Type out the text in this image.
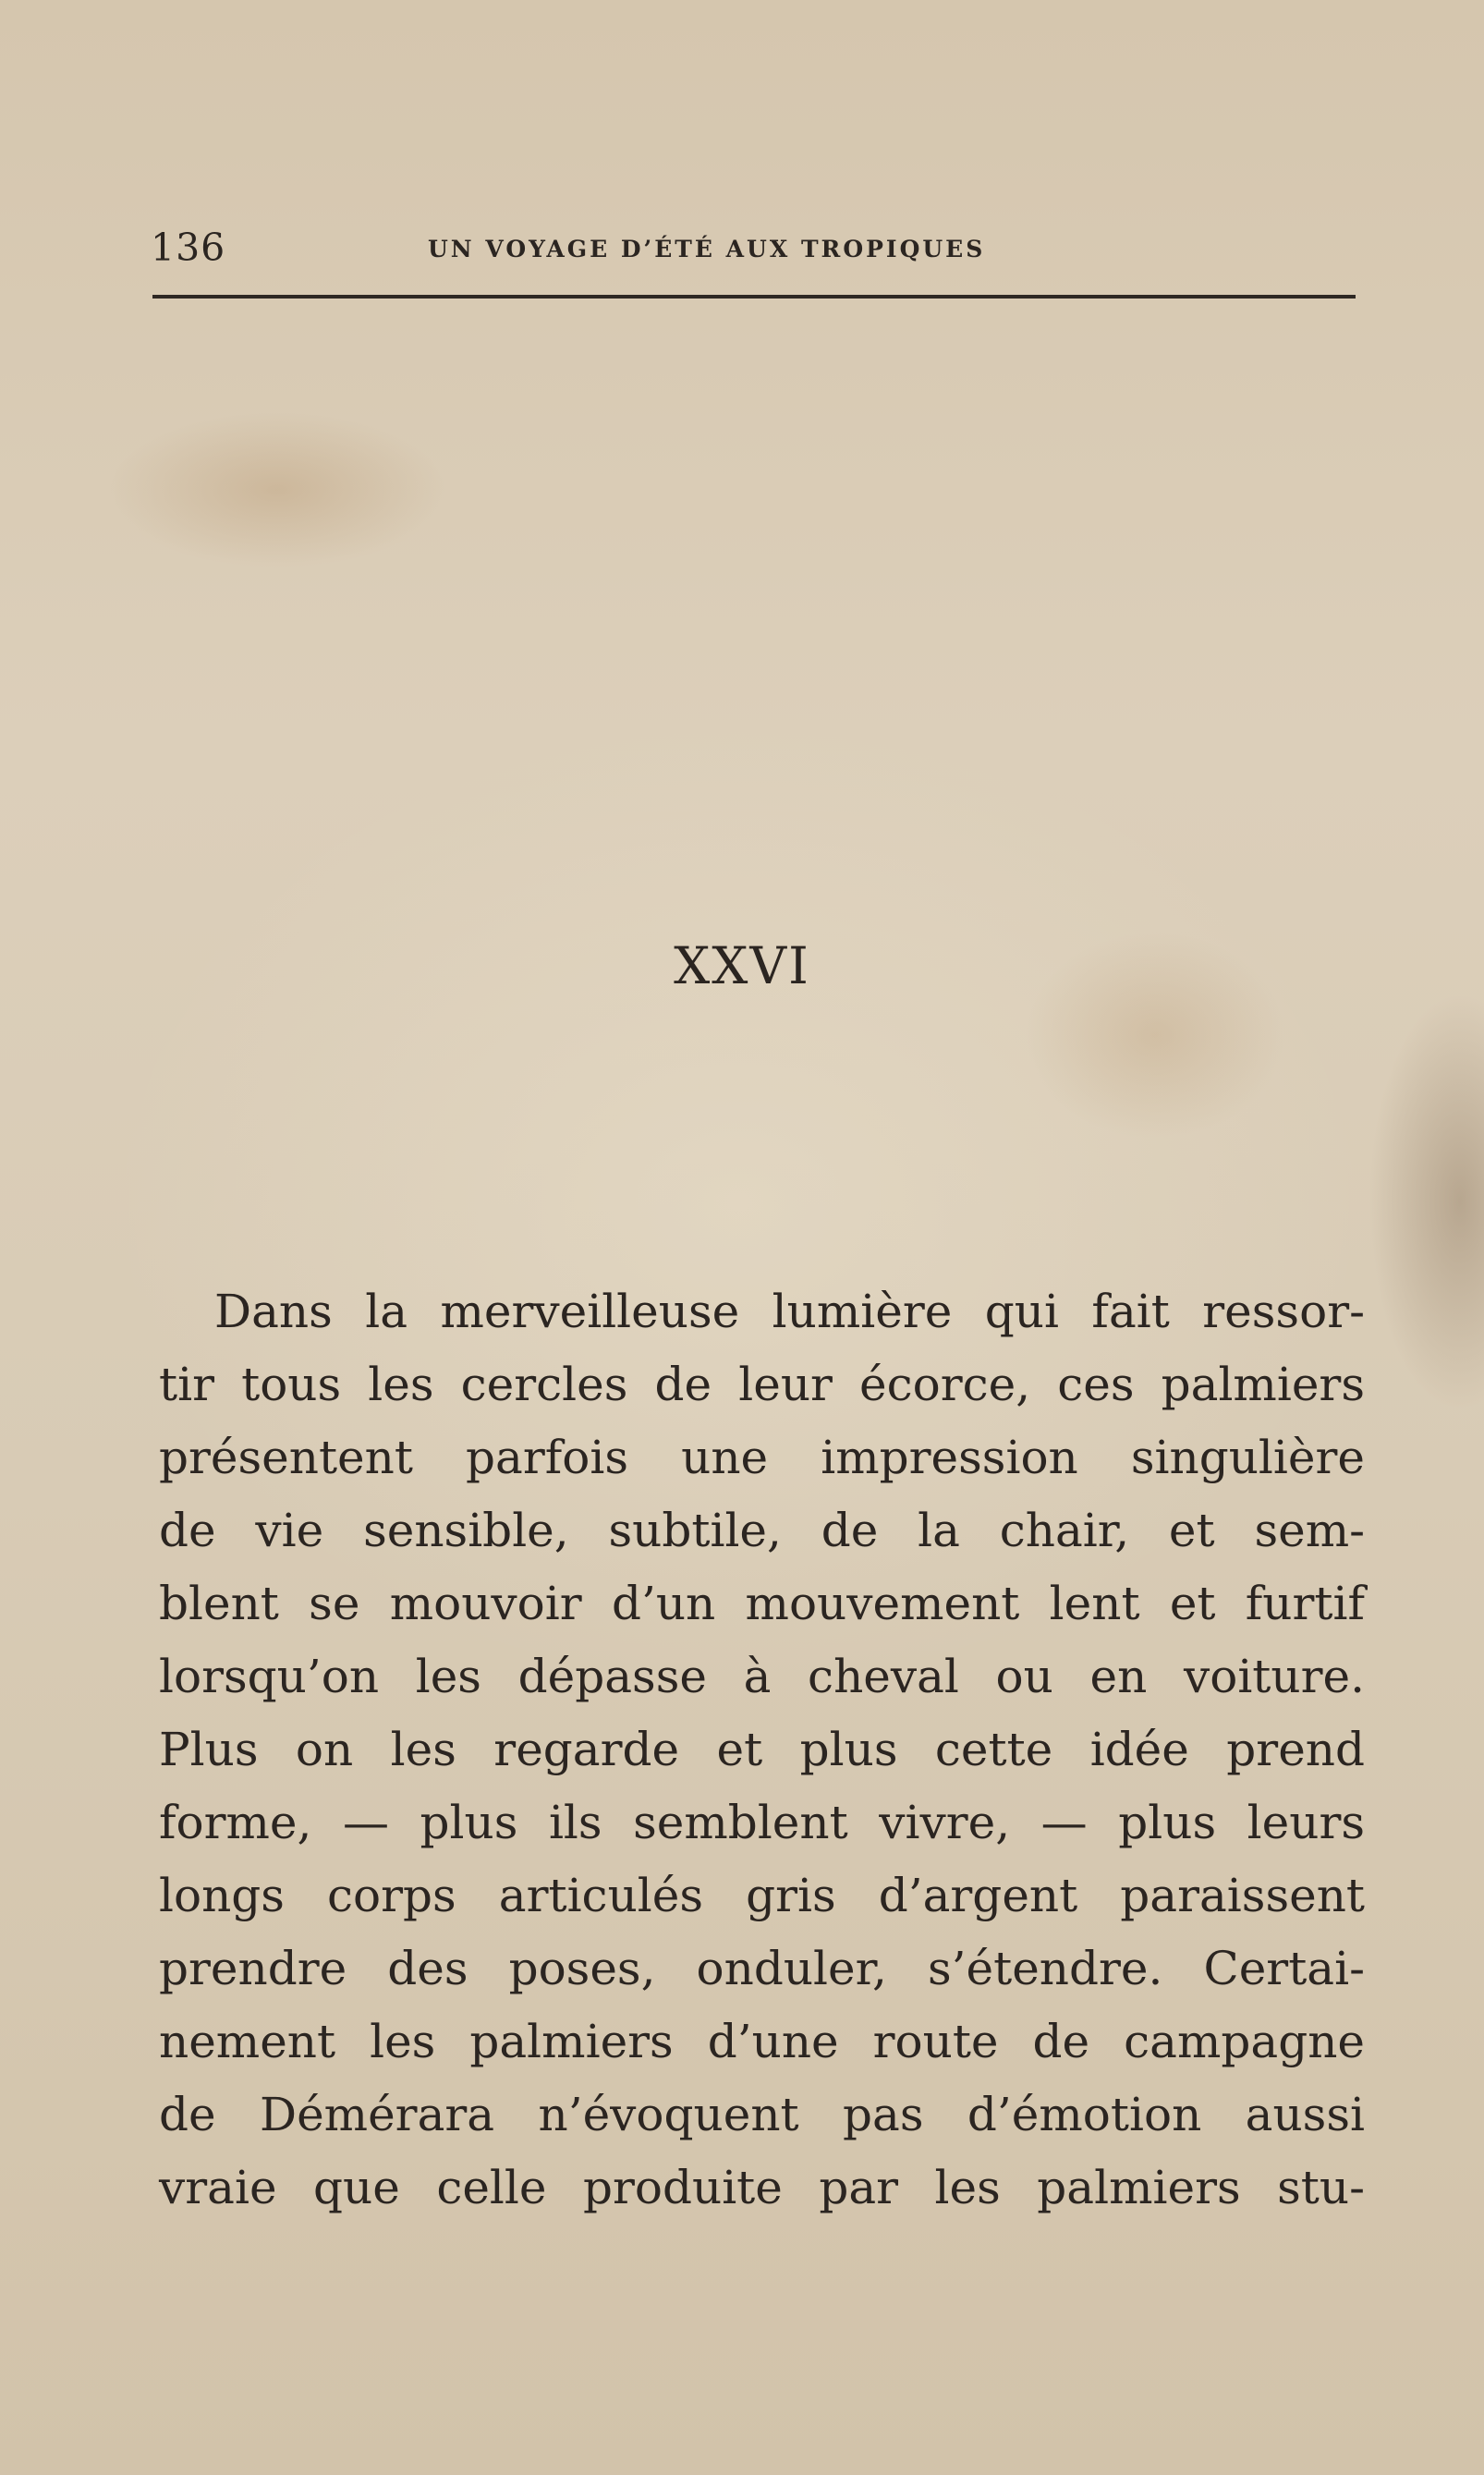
136	UN VOYAGE D’ÉTÉ AUX TROPIQUES
XXVI
Dans la merveilleuse lumière qui fait ressor-
tir tous les cercles de leur écorce, ces palmiers
présentent parfois une impression singulière
de vie sensible, subtile, de la chair, et sem-
blent se mouvoir d’un mouvement lent et furtif
lorsqu’on les dépasse à cheval ou en voiture.
Plus on les regarde et plus cette idée prend
forme, — plus ils semblent vivre, — plus leurs
longs corps articulés gris d’argent paraissent
prendre des poses, onduler, s’étendre. Certai-
nement les palmiers d’une route de campagne
de Démérara n’évoquent pas d’émotion aussi
vraie que celle produite par les palmiers stu-
